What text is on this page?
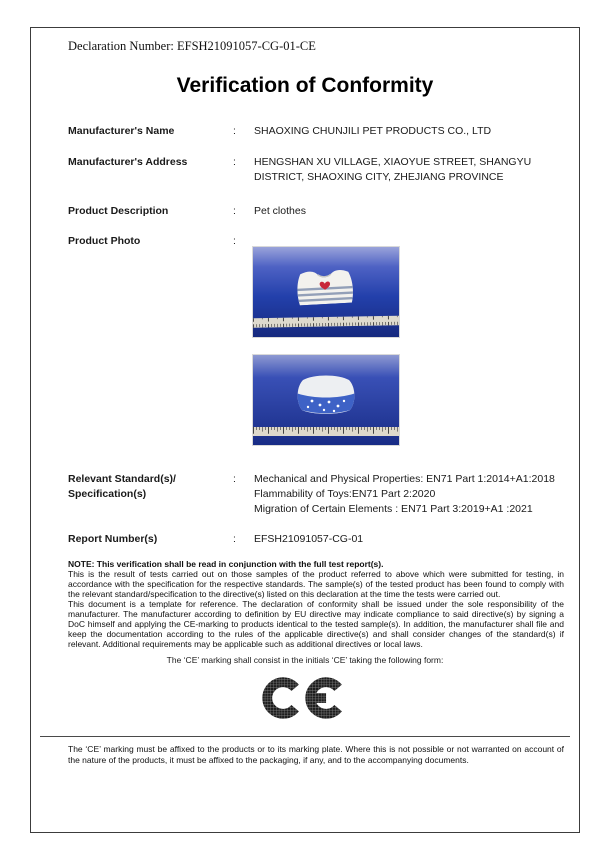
Declaration Number: EFSH21091057-CG-01-CE
Verification of Conformity
Manufacturer's Name	:	SHAOXING CHUNJILI PET PRODUCTS CO., LTD
Manufacturer's Address	:	HENGSHAN XU VILLAGE, XIAOYUE STREET, SHANGYU DISTRICT, SHAOXING CITY, ZHEJIANG PROVINCE
Product Description	:	Pet clothes
Product Photo	:
Relevant Standard(s)/
Specification(s)
:	Mechanical and Physical Properties: EN71 Part 1:2014+A1:2018
Flammability of Toys:EN71 Part 2:2020
Migration of Certain Elements : EN71 Part 3:2019+A1 :2021
Report Number(s)	:	EFSH21091057-CG-01
NOTE: This verification shall be read in conjunction with the full test report(s).
This is the result of tests carried out on those samples of the product referred to above which were submitted for testing, in accordance with the specification for the respective standards. The sample(s) of the tested product has been found to comply with the relevant standard/specification to the directive(s) listed on this declaration at the time the tests were carried out.
This document is a template for reference. The declaration of conformity shall be issued under the sole responsibility of the manufacturer. The manufacturer according to definition by EU directive may indicate compliance to said directive(s) by signing a DoC himself and applying the CE-marking to products identical to the tested sample(s). In addition, the manufacturer shall file and keep the documentation according to the rules of the applicable directive(s) and shall consider changes of the standard(s) if relevant. Additional requirements may be applicable such as additional directives or local laws.
The ‘CE’ marking shall consist in the initials ‘CE’ taking the following form:
The ‘CE’ marking must be affixed to the products or to its marking plate. Where this is not possible or not warranted on account of the nature of the products, it must be affixed to the packaging, if any, and to the accompanying documents.
